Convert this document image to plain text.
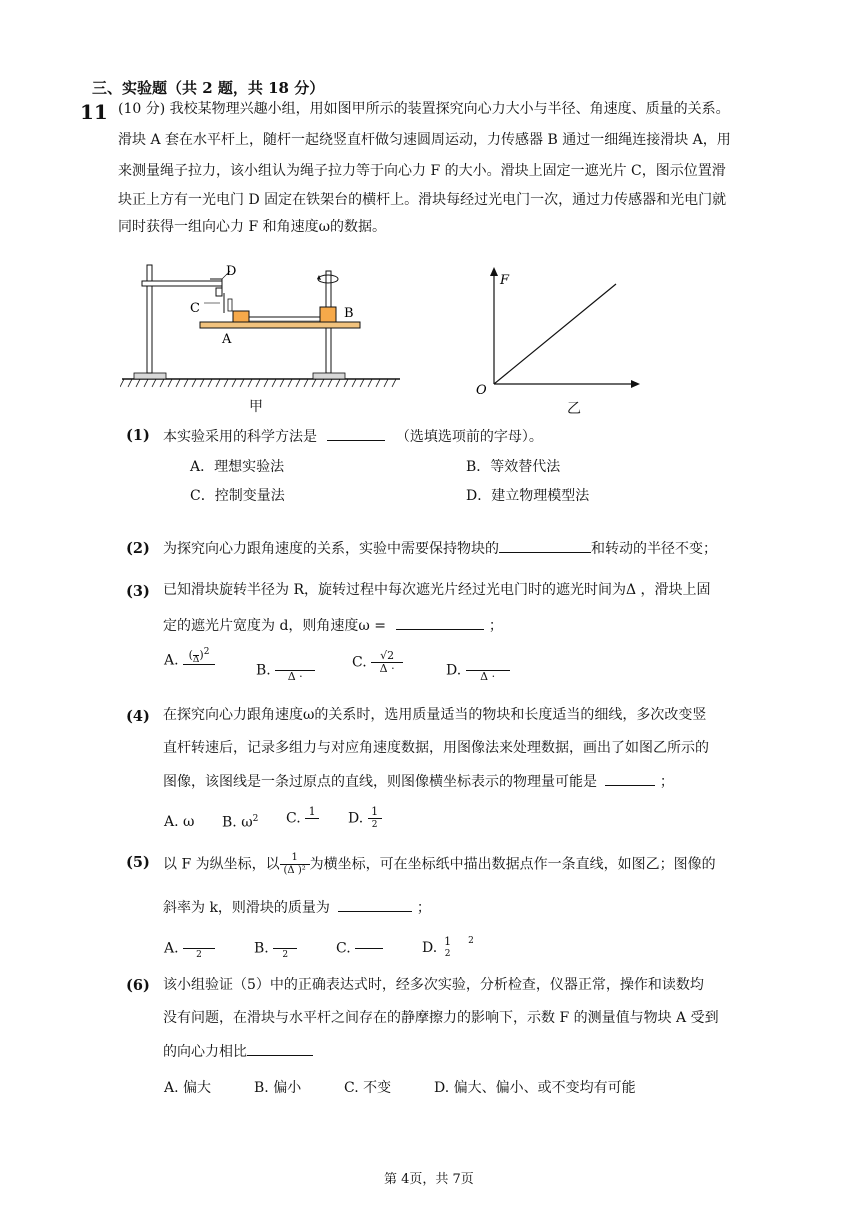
三、实验题（共 2 题，共 18 分）
11 (10 分) 我校某物理兴趣小组，用如图甲所示的装置探究向心力大小与半径、角速度、质量的关系。
滑块 A 套在水平杆上，随杆一起绕竖直杆做匀速圆周运动，力传感器 B 通过一细绳连接滑块 A，用
来测量绳子拉力，该小组认为绳子拉力等于向心力 F 的大小。滑块上固定一遮光片 C，图示位置滑
块正上方有一光电门 D 固定在铁架台的横杆上。滑块每经过光电门一次，通过力传感器和光电门就
同时获得一组向心力 F 和角速度ω的数据。
D
C
A
B
甲
F
O
乙
(1) 本实验采用的科学方法是	（选填选项前的字母）。
A．理想实验法	B．等效替代法
C．控制变量法	D．建立物理模型法
(2) 为探究向心力跟角速度的关系，实验中需要保持物块的	和转动的半径不变；
(3) 已知滑块旋转半径为 R，旋转过程中每次遮光片经过光电门时的遮光时间为Δ ，滑块上固
定的遮光片宽度为 d，则角速度ω =	；
A. (
Δ )$^2$
B.
	Δ ·
C. $\frac{√2}{\Delta \cdot}$	D.
	Δ ·
(4) 在探究向心力跟角速度ω的关系时，选用质量适当的物块和长度适当的细线，多次改变竖
直杆转速后，记录多组力与对应角速度数据，用图像法来处理数据，画出了如图乙所示的
图像，该图线是一条过原点的直线，则图像横坐标表示的物理量可能是	；
A. ω B. $\omega^2$ C. 1
D. $\frac{1}{2}$
(5) 以 F 为纵坐标，以 $\frac{1}{\text{(Δ )²}}$ 为横坐标，可在坐标纸中描出数据点作一条直线，如图乙；图像的
斜率为 k，则滑块的质量为	；
A.
	2	B.
	2	C.

	D. 1
2
$^2$
(6) 该小组验证（5）中的正确表达式时，经多次实验，分析检查，仪器正常，操作和读数均
没有问题，在滑块与水平杆之间存在的静摩擦力的影响下，示数 F 的测量值与物块 A 受到
的向心力相比
A. 偏大	B. 偏小	C. 不变	D. 偏大、偏小、或不变均有可能
第 4页，共 7页
